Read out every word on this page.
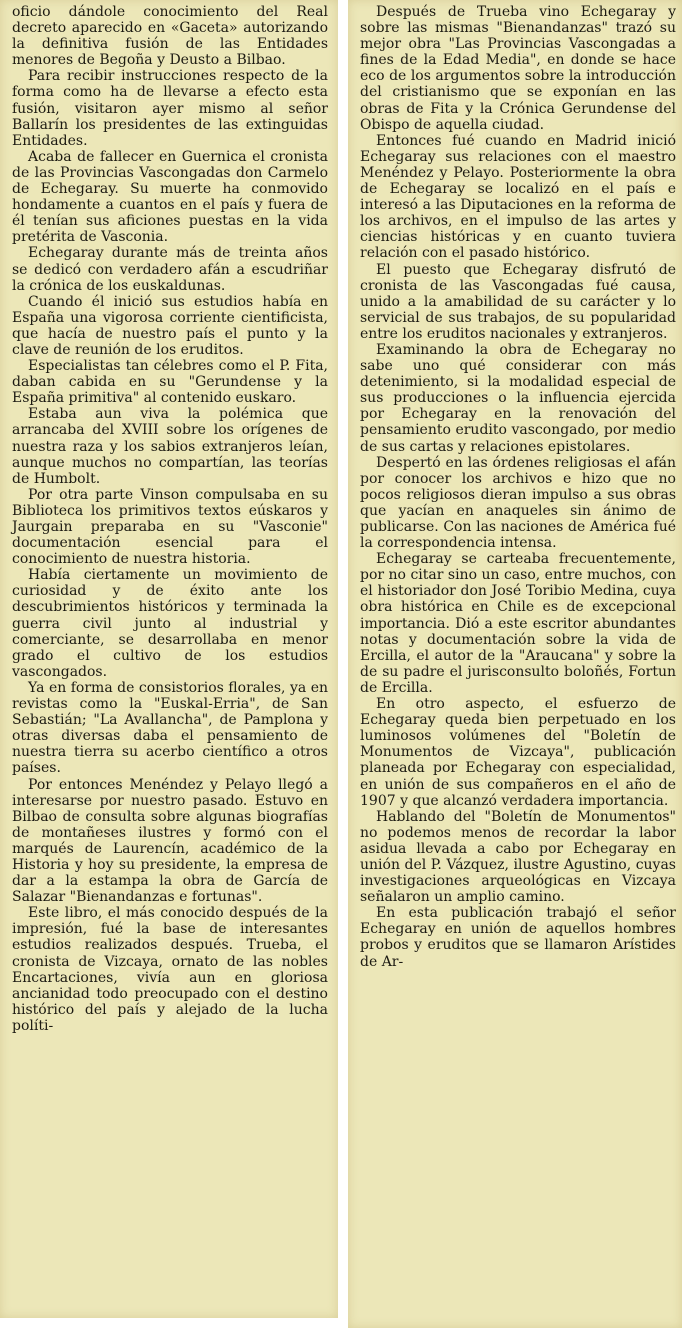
oficio dándole conocimiento del Real decreto aparecido en «Gaceta» autorizando la definitiva fusión de las Entidades menores de Begoña y Deusto a Bilbao.

Para recibir instrucciones respecto de la forma como ha de llevarse a efecto esta fusión, visitaron ayer mismo al señor Ballarín los presidentes de las extinguidas Entidades.

Acaba de fallecer en Guernica el cronista de las Provincias Vascongadas don Carmelo de Echegaray. Su muerte ha conmovido hondamente a cuantos en el país y fuera de él tenían sus aficiones puestas en la vida pretérita de Vasconia.

Echegaray durante más de treinta años se dedicó con verdadero afán a escudriñar la crónica de los euskaldunas.

Cuando él inició sus estudios había en España una vigorosa corriente cientificista, que hacía de nuestro país el punto y la clave de reunión de los eruditos.

Especialistas tan célebres como el P. Fita, daban cabida en su "Gerundense y la España primitiva" al contenido euskaro.

Estaba aun viva la polémica que arrancaba del XVIII sobre los orígenes de nuestra raza y los sabios extranjeros leían, aunque muchos no compartían, las teorías de Humbolt.

Por otra parte Vinson compulsaba en su Biblioteca los primitivos textos eúskaros y Jaurgain preparaba en su "Vasconie" documentación esencial para el conocimiento de nuestra historia.

Había ciertamente un movimiento de curiosidad y de éxito ante los descubrimientos históricos y terminada la guerra civil junto al industrial y comerciante, se desarrollaba en menor grado el cultivo de los estudios vascongados.

Ya en forma de consistorios florales, ya en revistas como la "Euskal-Erria", de San Sebastián; "La Avallancha", de Pamplona y otras diversas daba el pensamiento de nuestra tierra su acerbo científico a otros países.

Por entonces Menéndez y Pelayo llegó a interesarse por nuestro pasado. Estuvo en Bilbao de consulta sobre algunas biografías de montañeses ilustres y formó con el marqués de Laurencín, académico de la Historia y hoy su presidente, la empresa de dar a la estampa la obra de García de Salazar "Bienandanzas e fortunas".

Este libro, el más conocido después de la impresión, fué la base de interesantes estudios realizados después. Trueba, el cronista de Vizcaya, ornato de las nobles Encartaciones, vivía aun en gloriosa ancianidad todo preocupado con el destino histórico del país y alejado de la lucha políti-

Después de Trueba vino Echegaray y sobre las mismas "Bienandanzas" trazó su mejor obra "Las Provincias Vascongadas a fines de la Edad Media", en donde se hace eco de los argumentos sobre la introducción del cristianismo que se exponían en las obras de Fita y la Crónica Gerundense del Obispo de aquella ciudad.

Entonces fué cuando en Madrid inició Echegaray sus relaciones con el maestro Menéndez y Pelayo. Posteriormente la obra de Echegaray se localizó en el país e interesó a las Diputaciones en la reforma de los archivos, en el impulso de las artes y ciencias históricas y en cuanto tuviera relación con el pasado histórico.

El puesto que Echegaray disfrutó de cronista de las Vascongadas fué causa, unido a la amabilidad de su carácter y lo servicial de sus trabajos, de su popularidad entre los eruditos nacionales y extranjeros.

Examinando la obra de Echegaray no sabe uno qué considerar con más detenimiento, si la modalidad especial de sus producciones o la influencia ejercida por Echegaray en la renovación del pensamiento erudito vascongado, por medio de sus cartas y relaciones epistolares.

Despertó en las órdenes religiosas el afán por conocer los archivos e hizo que no pocos religiosos dieran impulso a sus obras que yacían en anaqueles sin ánimo de publicarse. Con las naciones de América fué la correspondencia intensa.

Echegaray se carteaba frecuentemente, por no citar sino un caso, entre muchos, con el historiador don José Toribio Medina, cuya obra histórica en Chile es de excepcional importancia. Dió a este escritor abundantes notas y documentación sobre la vida de Ercilla, el autor de la "Araucana" y sobre la de su padre el jurisconsulto boloñés, Fortun de Ercilla.

En otro aspecto, el esfuerzo de Echegaray queda bien perpetuado en los luminosos volúmenes del "Boletín de Monumentos de Vizcaya", publicación planeada por Echegaray con especialidad, en unión de sus compañeros en el año de 1907 y que alcanzó verdadera importancia.

Hablando del "Boletín de Monumentos" no podemos menos de recordar la labor asidua llevada a cabo por Echegaray en unión del P. Vázquez, ilustre Agustino, cuyas investigaciones arqueológicas en Vizcaya señalaron un amplio camino.

En esta publicación trabajó el señor Echegaray en unión de aquellos hombres probos y eruditos que se llamaron Arístides de Ar-
